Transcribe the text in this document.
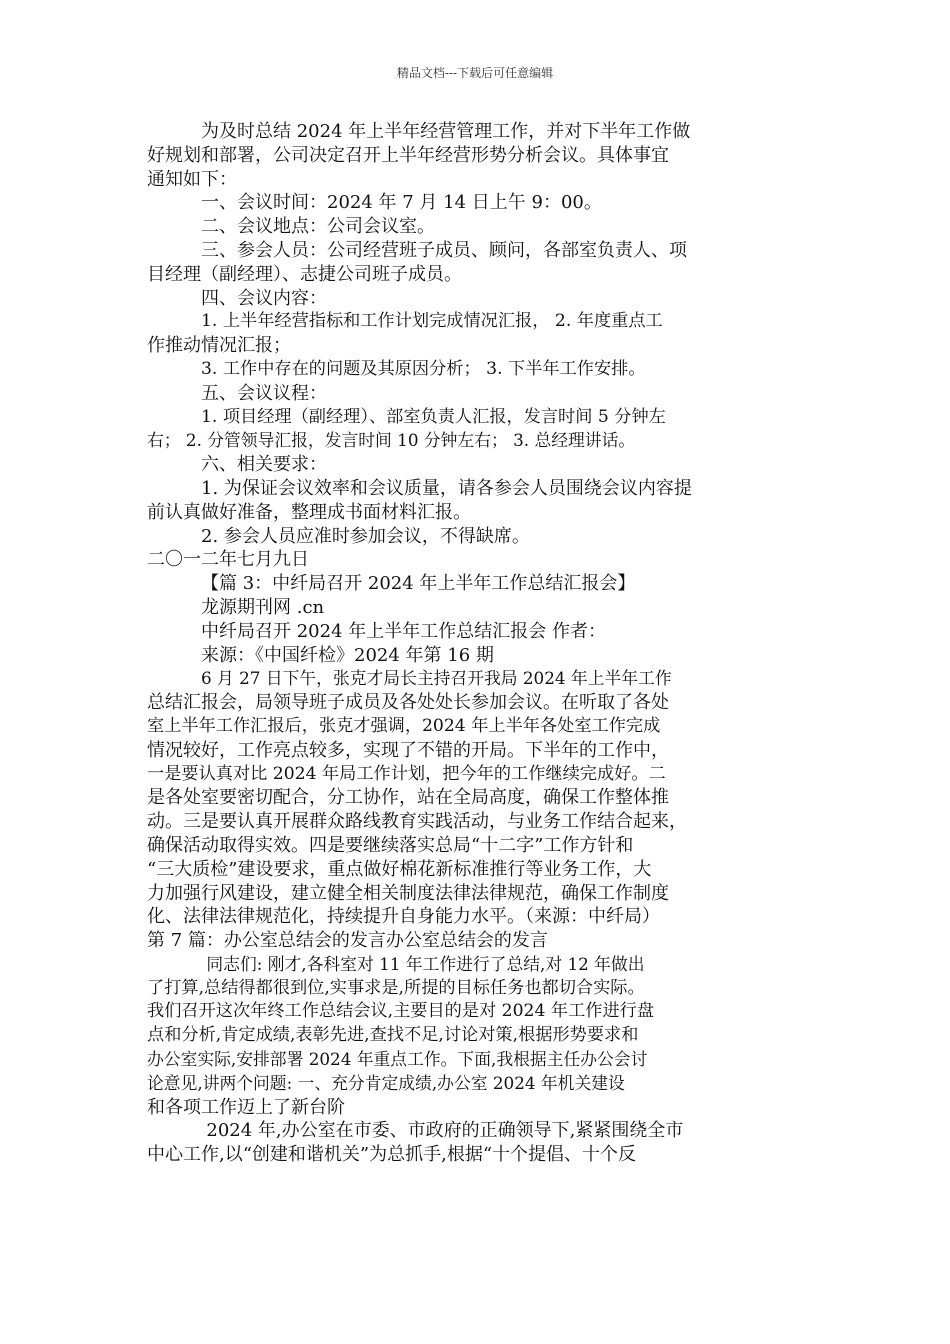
精品文档---下载后可任意编辑
为及时总结 2024 年上半年经营管理工作，并对下半年工作做
好规划和部署，公司决定召开上半年经营形势分析会议。具体事宜
通知如下：
一、会议时间：2024 年 7 月 14 日上午 9：00。
二、会议地点：公司会议室。
三、参会人员：公司经营班子成员、顾问，各部室负责人、项
目经理（副经理）、志捷公司班子成员。
四、会议内容：
1. 上半年经营指标和工作计划完成情况汇报， 2. 年度重点工
作推动情况汇报；
3. 工作中存在的问题及其原因分析； 3. 下半年工作安排。
五、会议议程：
1. 项目经理（副经理）、部室负责人汇报，发言时间 5 分钟左
右； 2. 分管领导汇报，发言时间 10 分钟左右； 3. 总经理讲话。
六、相关要求：
1. 为保证会议效率和会议质量，请各参会人员围绕会议内容提
前认真做好准备，整理成书面材料汇报。
2. 参会人员应准时参加会议，不得缺席。
二〇一二年七月九日
【篇 3：中纤局召开 2024 年上半年工作总结汇报会】
龙源期刊网 .cn
中纤局召开 2024 年上半年工作总结汇报会 作者：
来源：《中国纤检》2024 年第 16 期
6 月 27 日下午，张克才局长主持召开我局 2024 年上半年工作
总结汇报会，局领导班子成员及各处处长参加会议。在听取了各处
室上半年工作汇报后，张克才强调，2024 年上半年各处室工作完成
情况较好，工作亮点较多，实现了不错的开局。下半年的工作中，
一是要认真对比 2024 年局工作计划，把今年的工作继续完成好。二
是各处室要密切配合，分工协作，站在全局高度，确保工作整体推
动。三是要认真开展群众路线教育实践活动，与业务工作结合起来，
确保活动取得实效。四是要继续落实总局“十二字”工作方针和
“三大质检”建设要求，重点做好棉花新标准推行等业务工作，大
力加强行风建设，建立健全相关制度法律法律规范，确保工作制度
化、法律法律规范化，持续提升自身能力水平。（来源：中纤局）
第 7 篇：办公室总结会的发言办公室总结会的发言
同志们: 刚才,各科室对 11 年工作进行了总结,对 12 年做出
了打算,总结得都很到位,实事求是,所提的目标任务也都切合实际。
我们召开这次年终工作总结会议,主要目的是对 2024 年工作进行盘
点和分析,肯定成绩,表彰先进,查找不足,讨论对策,根据形势要求和
办公室实际,安排部署 2024 年重点工作。下面,我根据主任办公会讨
论意见,讲两个问题: 一、充分肯定成绩,办公室 2024 年机关建设
和各项工作迈上了新台阶
2024 年,办公室在市委、市政府的正确领导下,紧紧围绕全市
中心工作,以“创建和谐机关”为总抓手,根据“十个提倡、十个反
